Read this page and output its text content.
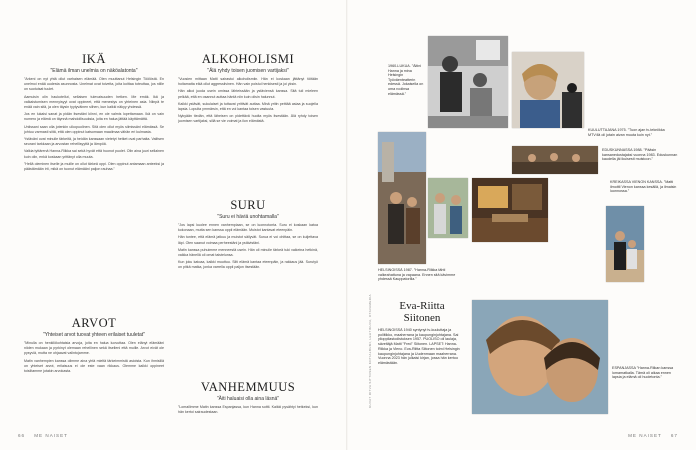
IKÄ
"Elämä ilman unelmia on näköalatonta"

"Arkeni on nyt yhtä ollut varhaisen elämää. Olen muuttanut Helsingin Töölöstä. En unelmoi enää uudesta asunnosta. Unelmat ovat toiveita, joita koittaa toteuttaa, jos niille on suotuisat tuulet.

Aamuisin olin haukotellut, sellaisen tulevaisuuden hetken. Me emäk. Ikä ja valkaistumisen mennyisyyt ovat oppineet, että menestys on yhteinen asia. Niinpä te enää vain sitä, ja olen täysin tyytyväinen siihen, kun kaikki näkyy yhdessä.

Jos en lukaisi sanat ja pidän itsestäni kiinni, en ole valmis lopettamaan. Ikä on vain numero ja elämä on täynnä mahdollisuuksia, joita en halua jättää käyttämättä.

Uniissani saan olla jotenkin ulkopuolinen. Sitä olen ollut myös silmissäni elämässä. Se johtuu varmasti siitä, että olen oppinut katsomaan maailmaa vähän eri kulmasta.

Ystäväni ovat minulle tärkeitä, ja heidän kanssaan vietetyt hetket ovat parhaita. Valitsen seurani tarkkaan ja arvostan rehellisyyttä ja lämpöä.

Valkia tyttärenä Hanna-Riikka sai sekä hyvät että huonot puolet. Olin aina juuri sellainen kuin olin, enkä koskaan yrittänyt olla muuta.

"Hellä oleminen itselle ja muille on ollut tärkeä oppi. Olen oppinut antamaan anteeksi ja päästämään irti, mikä on tuonut elämääni paljon rauhaa."

ARVOT
"Yhteiset arvot tuovat yhteen erilaiset tuuletat"

"Minulla on henkilökohtaisia arvoja, joita en halua luovuttaa. Olen elänyt elämääni niiden mukaan ja pyrkinyt olemaan rehellinen sekä itselleni että muille. Arvot eivät ole pysyviä, mutta ne ohjaavat valintojamme.

Matin vanhempien kanssa olimme aina yhtä mieltä tärkeimmistä asioista. Kun ihmisillä on yhteiset arvot, erilaisuus ei ole este vaan rikkaus. Olemme kaikki oppineet toisiltamme jotakin arvokasta.

ALKOHOLISMI
"Älä ryhdy toisen juomisen vartijaksi"

"Vuosien mittaan Matti sairastui alkoholismiin. Hän ei koskaan jättänyt töitään hoitamatta eikä ollut aggressiivinen. Hän vain poistui henkisesti ja joi yksin.

Hän alkoi juoda usein omissa lähteissään ja ystäviensä kanssa. Sitä tuli mieleen pelkää, että en osannut auttaa häntä niin kuin olisin halunnut.

Kaikki ystävät, sukulaiset ja tuttavat yrittivät auttaa. Minä yritin peittää asiaa ja suojella lapsia. Lopulta ymmärsin, että en voi kantaa toisen vastuuta.

Nykyään tiedän, että läheisen on pidettävä huolta myös itsestään. Älä ryhdy toisen juomisen vartijaksi, sillä se vie voimat ja ilon elämästä.

SURU
"Suru ei häviä unohtamalla"

"Jos lapsi kuolee ennen vanhempiaan, se on luonnotonta. Suru ei koskaan katoa kokonaan, mutta sen kanssa oppii elämään. Muistot kantavat eteenpäin.

Hän tuntee, että elämä jatkuu ja muistot säilyvät. Surua ei voi ohittaa, se on kuljettava läpi. Olen saanut voimaa perheestäni ja ystävistäni.

Matin kanssa puhuimme menneestä usein. Hän oli minulle tärkeä tuki vaikeina hetkinä, vaikka hänellä oli omat taistelunsa.

Kun joku katoaa, kaikki muuttuu. Silti elämä kantaa eteenpäin, ja rakkaus jää. Surutyö on pitkä matka, jonka varrella oppii paljon itsestään.

VANHEMMUUS
"Äiti haluaisi olla aina läsnä"

"Lomailimme Matin kanssa Espanjassa, kun Hanna soitti. Kaikki pysähtyi hetkeksi, kun hän kertoi sairaudestaan.

66 ME NAISET
1960-LUKUA. "Äitini Hanna ja mina Helsingin Työväenteatterin edessä. Jokaisella on oma roolinsa elämässä."
KUULUTTAJANA 1975. "Tuon ajan tv-tekniikka MTV:llä oli jotain aivan muuta kuin nyt."
EDUSKUNNASSA 1988. "Pääsin kansanedustajaksi vuonna 1983. Eduskunnan kaudella jäi ikuisesti muistoon."
HELSINGISSÄ 1987. "Hanna-Riikka tähti valkeahattuna ja vapaana. Ennen sitä kävimme yhdessä Kauppatorilla."
KREIKASSA VIENON KANSSA. "Matti ilmoitti Vienon kanssa kesällä, ja ilmaisin luonnossa."
ESPANJASSA "Hanna-Riikan kanssa lomamatkalla. Tämä oli aikaa ennen lapsia ja elämä oli huoletonta."
Eva-Riitta
Siitonen
HELSINGISSÄ 1940 syntynyt tv-kuuluttaja ja poliitikko, maaherrana ja kaupunginjohtajana. Sai ylioppilastodistuksen 1957. PUOLISO oli laulaja, säveltäjä Matti "Fred" Siitonen. LAPSET: Hanna-Riikka ja Vieno. Eva-Riitta Siitonen toimi Helsingin kaupunginjohtajana ja Uudenmaan maaherrana. Vuonna 2023 hän julkaisi kirjan, jossa hän kertoo elämästään.
KUVAT RITVA SITTOSEN KOTIALBUMI, LEHTIKUVA, OTAVAMEDIA
ME NAISET 67
